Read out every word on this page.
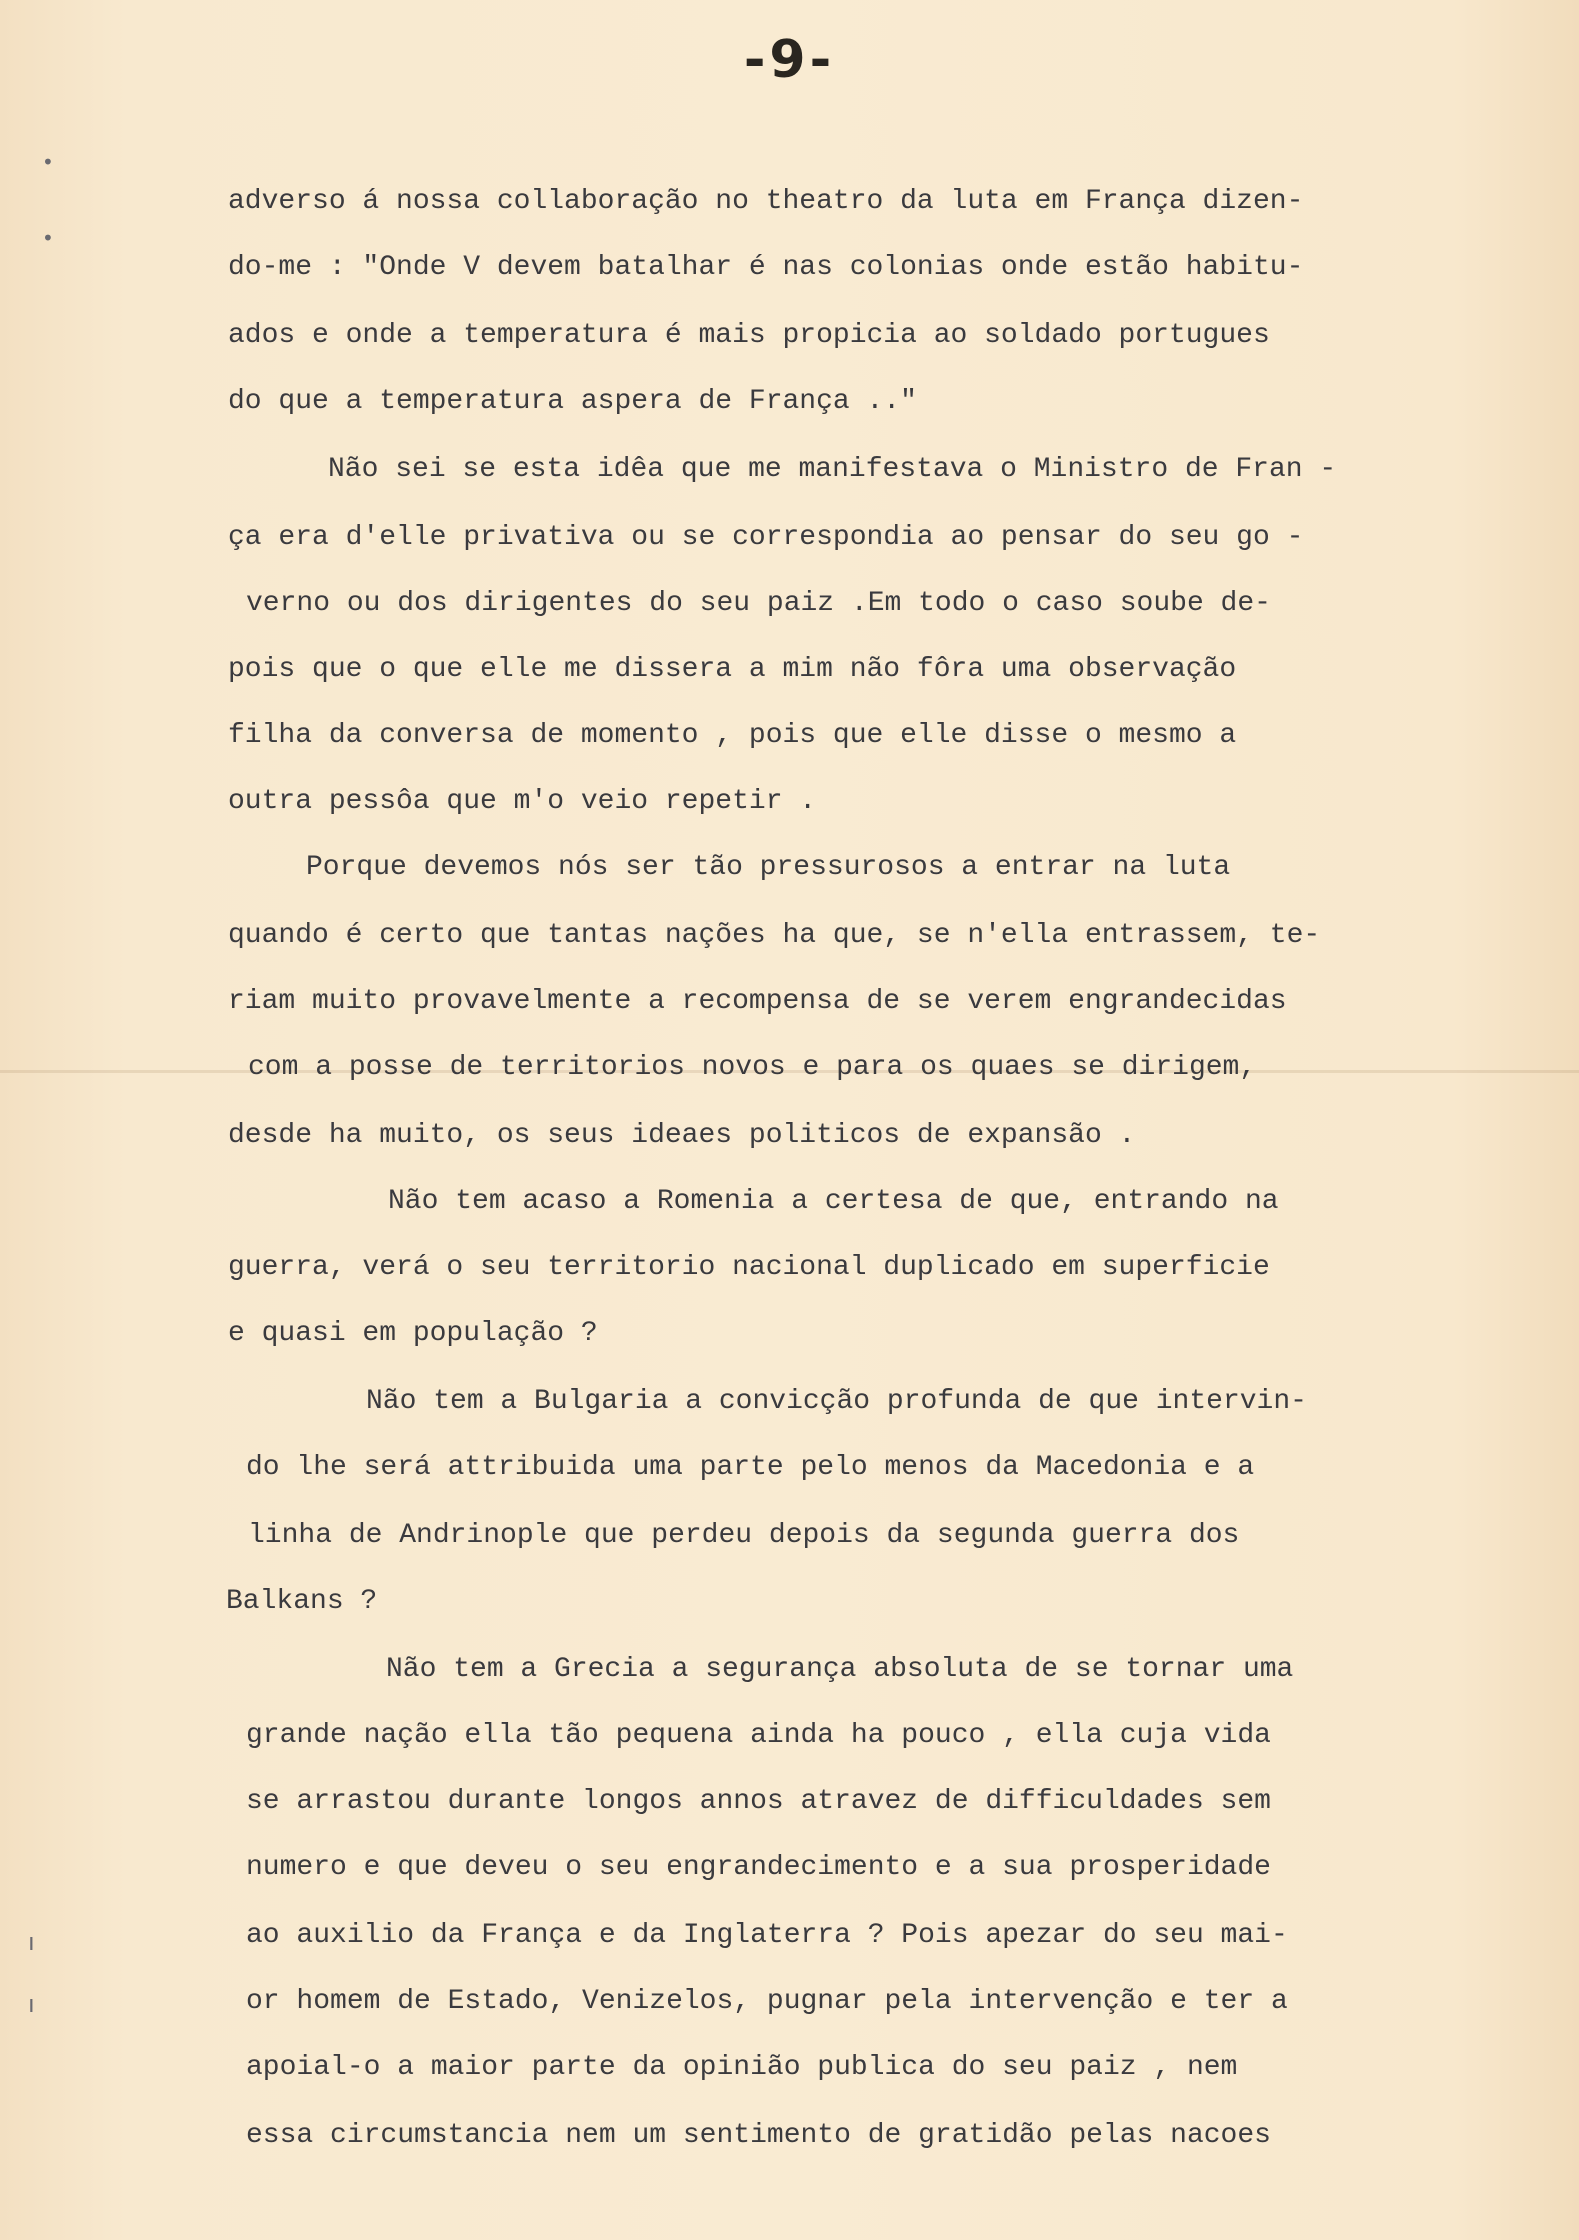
•
•
ı
ı
-9-
adverso á nossa collaboração no theatro da luta em França dizen-
do-me : "Onde V devem batalhar é nas colonias onde estão habitu-
ados e onde a temperatura é mais propicia ao soldado portugues
do que a temperatura aspera de França .."
Não sei se esta idêa que me manifestava o Ministro de Fran -
ça era d'elle privativa ou se correspondia ao pensar do seu go -
verno ou dos dirigentes do seu paiz .Em todo o caso soube de-
pois que o que elle me dissera a mim não fôra uma observação
filha da conversa de momento , pois que elle disse o mesmo a
outra pessôa que m'o veio repetir .
Porque devemos nós ser tão pressurosos a entrar na luta
quando é certo que tantas nações ha que, se n'ella entrassem, te-
riam muito provavelmente a recompensa de se verem engrandecidas
com a posse de territorios novos e para os quaes se dirigem,
desde ha muito, os seus ideaes politicos de expansão .
Não tem acaso a Romenia a certesa de que, entrando na
guerra, verá o seu territorio nacional duplicado em superficie
e quasi em população ?
Não tem a Bulgaria a convicção profunda de que intervin-
do lhe será attribuida uma parte pelo menos da Macedonia e a
linha de Andrinople que perdeu depois da segunda guerra dos
Balkans ?
Não tem a Grecia a segurança absoluta de se tornar uma
grande nação ella tão pequena ainda ha pouco , ella cuja vida
se arrastou durante longos annos atravez de difficuldades sem
numero e que deveu o seu engrandecimento e a sua prosperidade
ao auxilio da França e da Inglaterra ? Pois apezar do seu mai-
or homem de Estado, Venizelos, pugnar pela intervenção e ter a
apoial-o a maior parte da opinião publica do seu paiz , nem
essa circumstancia nem um sentimento de gratidão pelas nacoes
